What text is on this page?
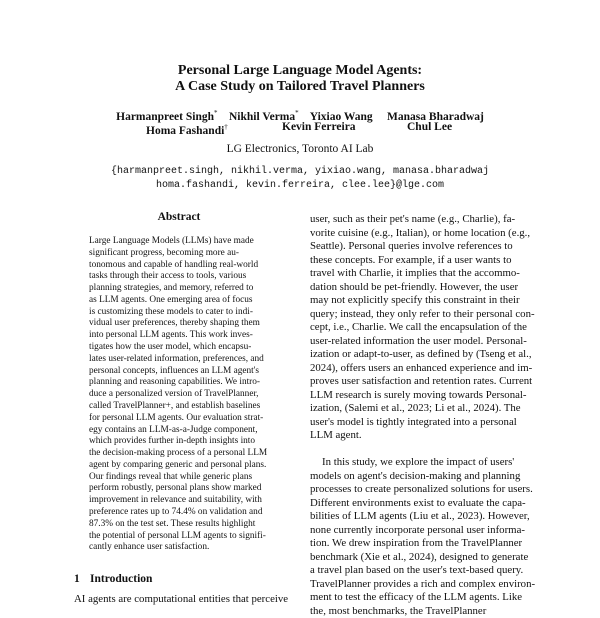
Personal Large Language Model Agents:
A Case Study on Tailored Travel Planners
Harmanpreet Singh* Nikhil Verma* Yixiao Wang Manasa Bharadwaj
Homa Fashandi†	Kevin Ferreira	Chul Lee
LG Electronics, Toronto AI Lab
{harmanpreet.singh, nikhil.verma, yixiao.wang, manasa.bharadwaj
homa.fashandi, kevin.ferreira, clee.lee}@lge.com
Abstract
Large Language Models (LLMs) have made
significant progress, becoming more au-
tonomous and capable of handling real-world
tasks through their access to tools, various
planning strategies, and memory, referred to
as LLM agents. One emerging area of focus
is customizing these models to cater to indi-
vidual user preferences, thereby shaping them
into personal LLM agents. This work inves-
tigates how the user model, which encapsu-
lates user-related information, preferences, and
personal concepts, influences an LLM agent's
planning and reasoning capabilities. We intro-
duce a personalized version of TravelPlanner,
called TravelPlanner+, and establish baselines
for personal LLM agents. Our evaluation strat-
egy contains an LLM-as-a-Judge component,
which provides further in-depth insights into
the decision-making process of a personal LLM
agent by comparing generic and personal plans.
Our findings reveal that while generic plans
perform robustly, personal plans show marked
improvement in relevance and suitability, with
preference rates up to 74.4% on validation and
87.3% on the test set. These results highlight
the potential of personal LLM agents to signifi-
cantly enhance user satisfaction.
1 Introduction
AI agents are computational entities that perceive
user, such as their pet's name (e.g., Charlie), fa-
vorite cuisine (e.g., Italian), or home location (e.g.,
Seattle). Personal queries involve references to
these concepts. For example, if a user wants to
travel with Charlie, it implies that the accommo-
dation should be pet-friendly. However, the user
may not explicitly specify this constraint in their
query; instead, they only refer to their personal con-
cept, i.e., Charlie. We call the encapsulation of the
user-related information the user model. Personal-
ization or adapt-to-user, as defined by (Tseng et al.,
2024), offers users an enhanced experience and im-
proves user satisfaction and retention rates. Current
LLM research is surely moving towards Personal-
ization, (Salemi et al., 2023; Li et al., 2024). The
user's model is tightly integrated into a personal
LLM agent.
In this study, we explore the impact of users'
models on agent's decision-making and planning
processes to create personalized solutions for users.
Different environments exist to evaluate the capa-
bilities of LLM agents (Liu et al., 2023). However,
none currently incorporate personal user informa-
tion. We drew inspiration from the TravelPlanner
benchmark (Xie et al., 2024), designed to generate
a travel plan based on the user's text-based query.
TravelPlanner provides a rich and complex environ-
ment to test the efficacy of the LLM agents. Like
the, most benchmarks, the TravelPlanner
